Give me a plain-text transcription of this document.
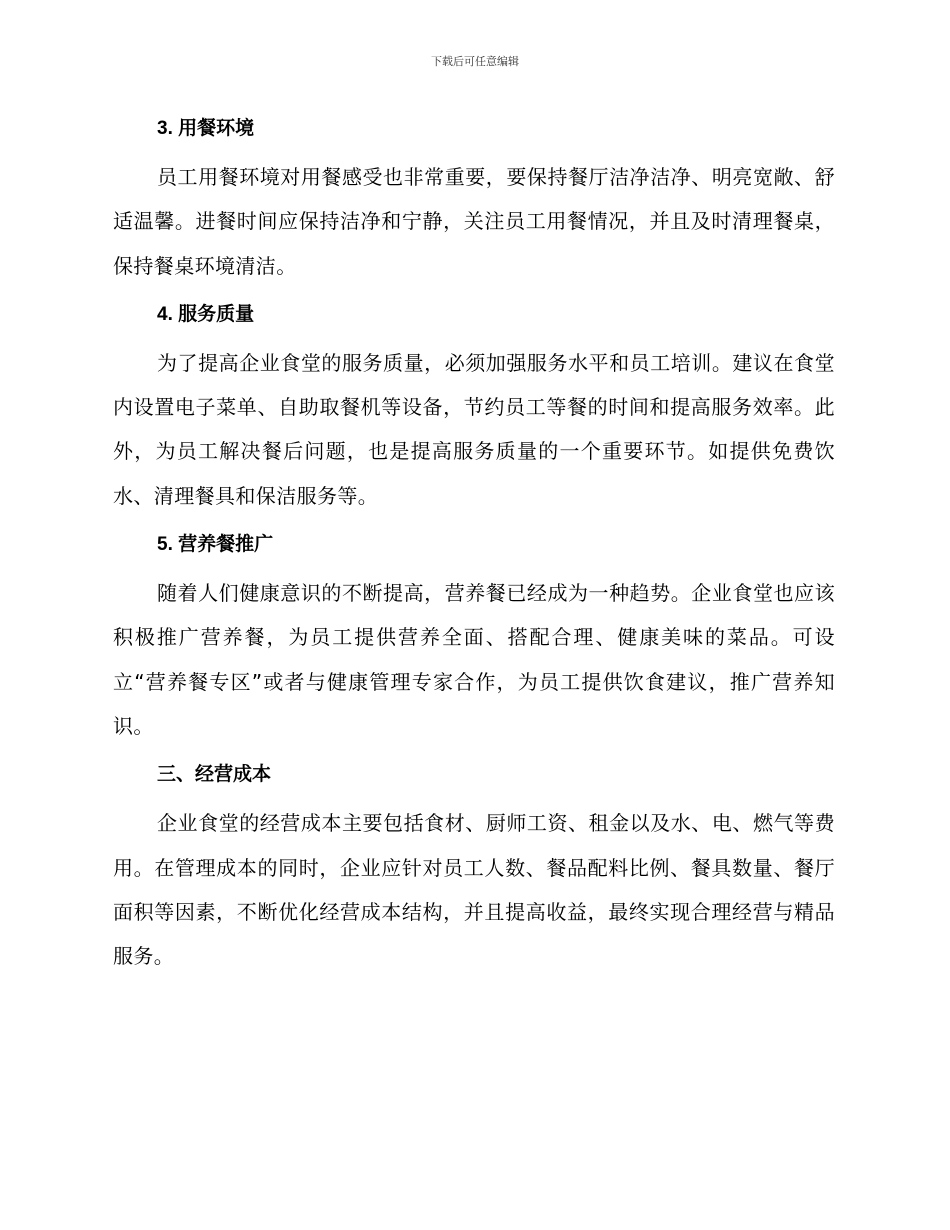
下载后可任意编辑
3. 用餐环境

员工用餐环境对用餐感受也非常重要，要保持餐厅洁净洁净、明亮宽敞、舒适温馨。进餐时间应保持洁净和宁静，关注员工用餐情况，并且及时清理餐桌，保持餐桌环境清洁。

4. 服务质量

为了提高企业食堂的服务质量，必须加强服务水平和员工培训。建议在食堂内设置电子菜单、自助取餐机等设备，节约员工等餐的时间和提高服务效率。此外，为员工解决餐后问题，也是提高服务质量的一个重要环节。如提供免费饮水、清理餐具和保洁服务等。

5. 营养餐推广

随着人们健康意识的不断提高，营养餐已经成为一种趋势。企业食堂也应该积极推广营养餐，为员工提供营养全面、搭配合理、健康美味的菜品。可设立“营养餐专区”或者与健康管理专家合作，为员工提供饮食建议，推广营养知识。

三、经营成本

企业食堂的经营成本主要包括食材、厨师工资、租金以及水、电、燃气等费用。在管理成本的同时，企业应针对员工人数、餐品配料比例、餐具数量、餐厅面积等因素，不断优化经营成本结构，并且提高收益，最终实现合理经营与精品服务。
